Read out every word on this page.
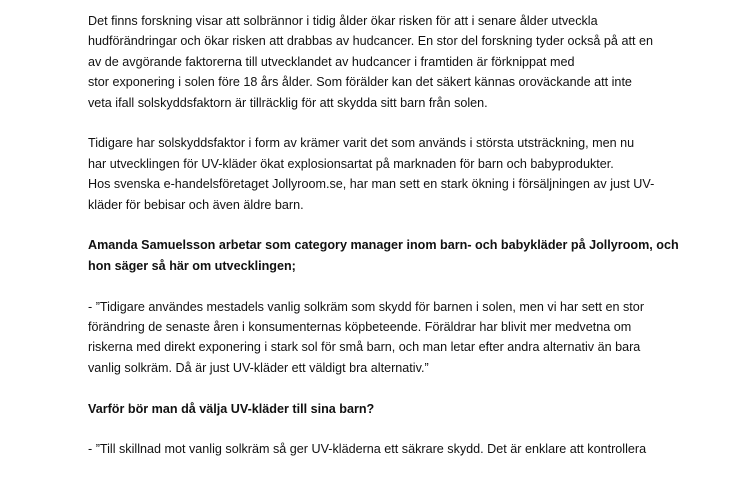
Det finns forskning visar att solbrännor i tidig ålder ökar risken för att i senare ålder utveckla
hudförändringar och ökar risken att drabbas av hudcancer. En stor del forskning tyder också på att en
av de avgörande faktorerna till utvecklandet av hudcancer i framtiden är förknippat med
stor exponering i solen före 18 års ålder. Som förälder kan det säkert kännas oroväckande att inte
veta ifall solskyddsfaktorn är tillräcklig för att skydda sitt barn från solen.
Tidigare har solskyddsfaktor i form av krämer varit det som används i största utsträckning, men nu
har utvecklingen för UV-kläder ökat explosionsartat på marknaden för barn och babyprodukter.
Hos svenska e-handelsföretaget Jollyroom.se, har man sett en stark ökning i försäljningen av just UV-
kläder för bebisar och även äldre barn.
Amanda Samuelsson arbetar som category manager inom barn- och babykläder på Jollyroom, och
hon säger så här om utvecklingen;
- ”Tidigare användes mestadels vanlig solkräm som skydd för barnen i solen, men vi har sett en stor
förändring de senaste åren i konsumenternas köpbeteende. Föräldrar har blivit mer medvetna om
riskerna med direkt exponering i stark sol för små barn, och man letar efter andra alternativ än bara
vanlig solkräm. Då är just UV-kläder ett väldigt bra alternativ.”
Varför bör man då välja UV-kläder till sina barn?
- ”Till skillnad mot vanlig solkräm så ger UV-kläderna ett säkrare skydd. Det är enklare att kontrollera
